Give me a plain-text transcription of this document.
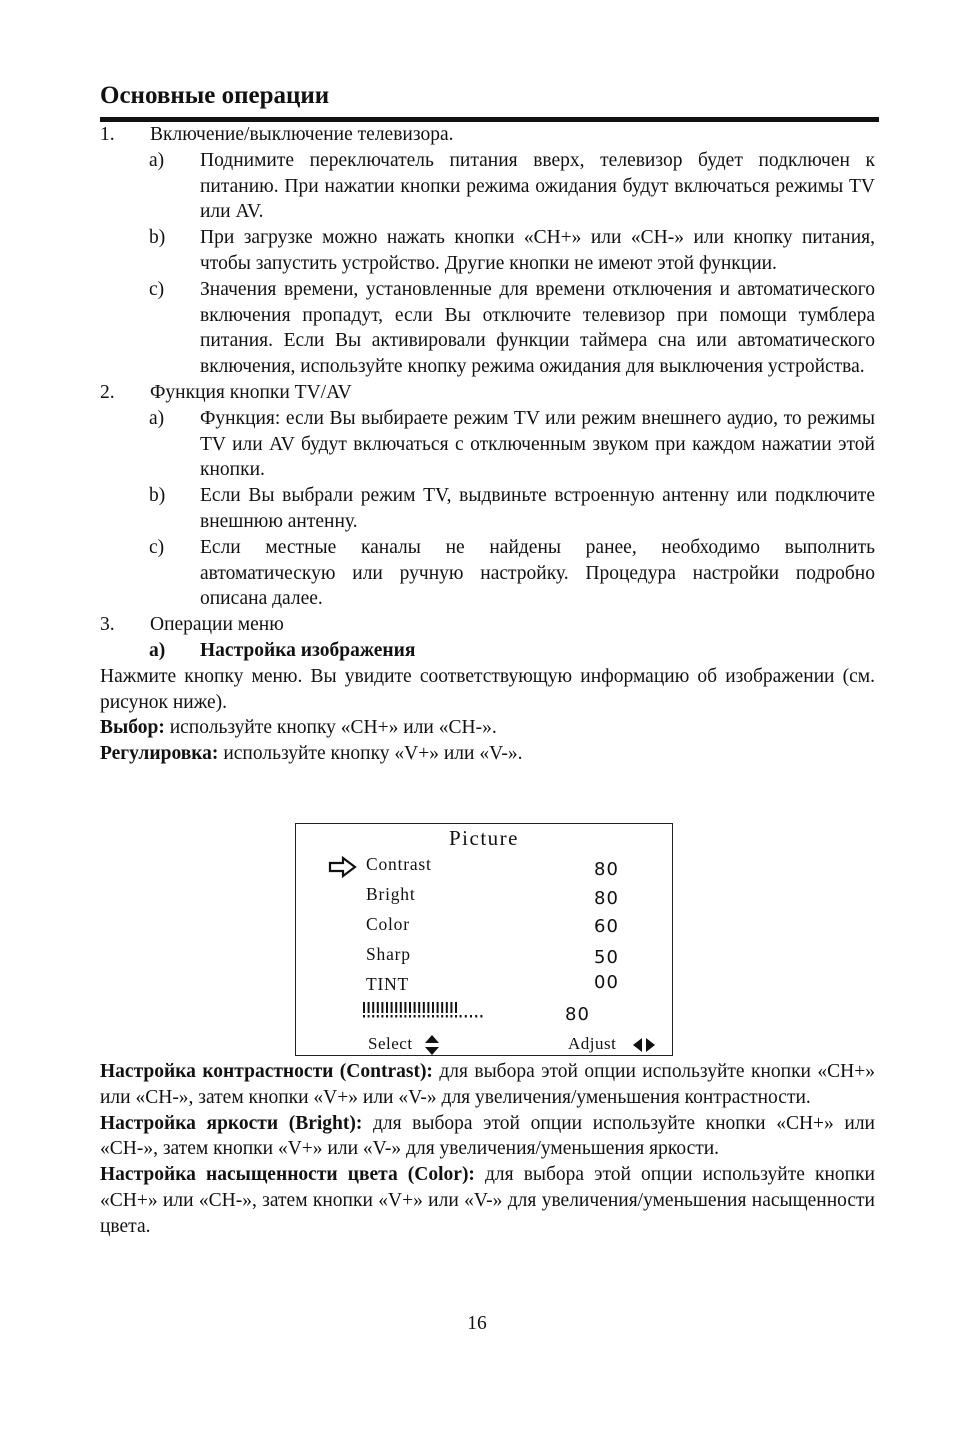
Основные операции
1.	Включение/выключение телевизора.
a) Поднимите переключатель питания вверх, телевизор будет подключен к питанию. При нажатии кнопки режима ожидания будут включаться режимы TV или AV.
b) При загрузке можно нажать кнопки «CH+» или «CH-» или кнопку питания, чтобы запустить устройство. Другие кнопки не имеют этой функции.
c) Значения времени, установленные для времени отключения и автоматического включения пропадут, если Вы отключите телевизор при помощи тумблера питания. Если Вы активировали функции таймера сна или автоматического включения, используйте кнопку режима ожидания для выключения устройства.
2.	Функция кнопки TV/AV
a) Функция: если Вы выбираете режим TV или режим внешнего аудио, то режимы TV или AV будут включаться с отключенным звуком при каждом нажатии этой кнопки.
b) Если Вы выбрали режим TV, выдвиньте встроенную антенну или подключите внешнюю антенну.
c) Если местные каналы не найдены ранее, необходимо выполнить автоматическую или ручную настройку. Процедура настройки подробно описана далее.
3.	Операции меню
a) Настройка изображения
Нажмите кнопку меню. Вы увидите соответствующую информацию об изображении (см. рисунок ниже).
Выбор: используйте кнопку «CH+» или «CH-».
Регулировка: используйте кнопку «V+» или «V-».
Picture
Contrast	80
Bright	80
Color	60
Sharp	50
TINT	00
80
Select	Adjust
Настройка контрастности (Contrast): для выбора этой опции используйте кнопки «CH+» или «CH-», затем кнопки «V+» или «V-» для увеличения/уменьшения контрастности.
Настройка яркости (Bright): для выбора этой опции используйте кнопки «CH+» или «CH-», затем кнопки «V+» или «V-» для увеличения/уменьшения яркости.
Настройка насыщенности цвета (Color): для выбора этой опции используйте кнопки «CH+» или «CH-», затем кнопки «V+» или «V-» для увеличения/уменьшения насыщенности цвета.
16
